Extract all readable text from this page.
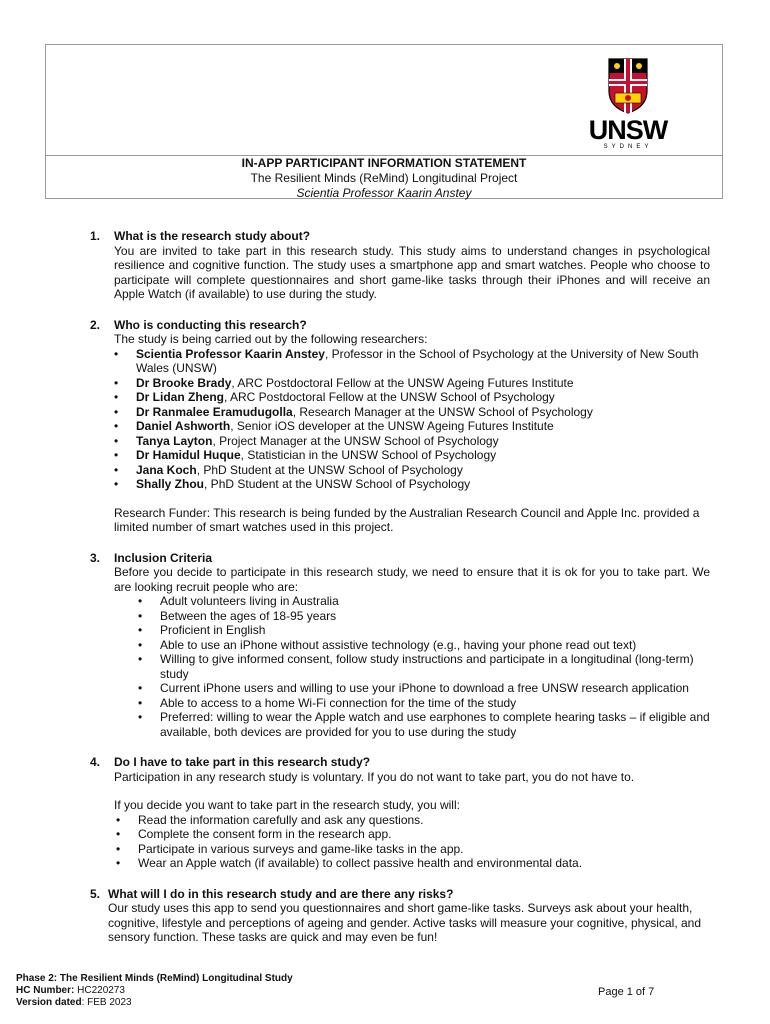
UNSW
SYDNEY
IN-APP PARTICIPANT INFORMATION STATEMENT
The Resilient Minds (ReMind) Longitudinal Project
Scientia Professor Kaarin Anstey
1. What is the research study about?

You are invited to take part in this research study. This study aims to understand changes in psychological resilience and cognitive function. The study uses a smartphone app and smart watches. People who choose to participate will complete questionnaires and short game-like tasks through their iPhones and will receive an Apple Watch (if available) to use during the study.

2. Who is conducting this research?

The study is being carried out by the following researchers:

• Scientia Professor Kaarin Anstey, Professor in the School of Psychology at the University of New South Wales (UNSW)
• Dr Brooke Brady, ARC Postdoctoral Fellow at the UNSW Ageing Futures Institute
• Dr Lidan Zheng, ARC Postdoctoral Fellow at the UNSW School of Psychology
• Dr Ranmalee Eramudugolla, Research Manager at the UNSW School of Psychology
• Daniel Ashworth, Senior iOS developer at the UNSW Ageing Futures Institute
• Tanya Layton, Project Manager at the UNSW School of Psychology
• Dr Hamidul Huque, Statistician in the UNSW School of Psychology
• Jana Koch, PhD Student at the UNSW School of Psychology
• Shally Zhou, PhD Student at the UNSW School of Psychology

Research Funder: This research is being funded by the Australian Research Council and Apple Inc. provided a limited number of smart watches used in this project.

3. Inclusion Criteria

Before you decide to participate in this research study, we need to ensure that it is ok for you to take part. We are looking recruit people who are:

• Adult volunteers living in Australia
• Between the ages of 18-95 years
• Proficient in English
• Able to use an iPhone without assistive technology (e.g., having your phone read out text)
• Willing to give informed consent, follow study instructions and participate in a longitudinal (long-term) study
• Current iPhone users and willing to use your iPhone to download a free UNSW research application
• Able to access to a home Wi-Fi connection for the time of the study
• Preferred: willing to wear the Apple watch and use earphones to complete hearing tasks – if eligible and available, both devices are provided for you to use during the study
4. Do I have to take part in this research study?

Participation in any research study is voluntary. If you do not want to take part, you do not have to.

If you decide you want to take part in the research study, you will:

• Read the information carefully and ask any questions.
• Complete the consent form in the research app.
• Participate in various surveys and game-like tasks in the app.
• Wear an Apple watch (if available) to collect passive health and environmental data.
5. What will I do in this research study and are there any risks?

Our study uses this app to send you questionnaires and short game-like tasks. Surveys ask about your health, cognitive, lifestyle and perceptions of ageing and gender. Active tasks will measure your cognitive, physical, and sensory function. These tasks are quick and may even be fun!

Phase 2: The Resilient Minds (ReMind) Longitudinal Study
HC Number: HC220273
Version dated: FEB 2023
Page 1 of 7
